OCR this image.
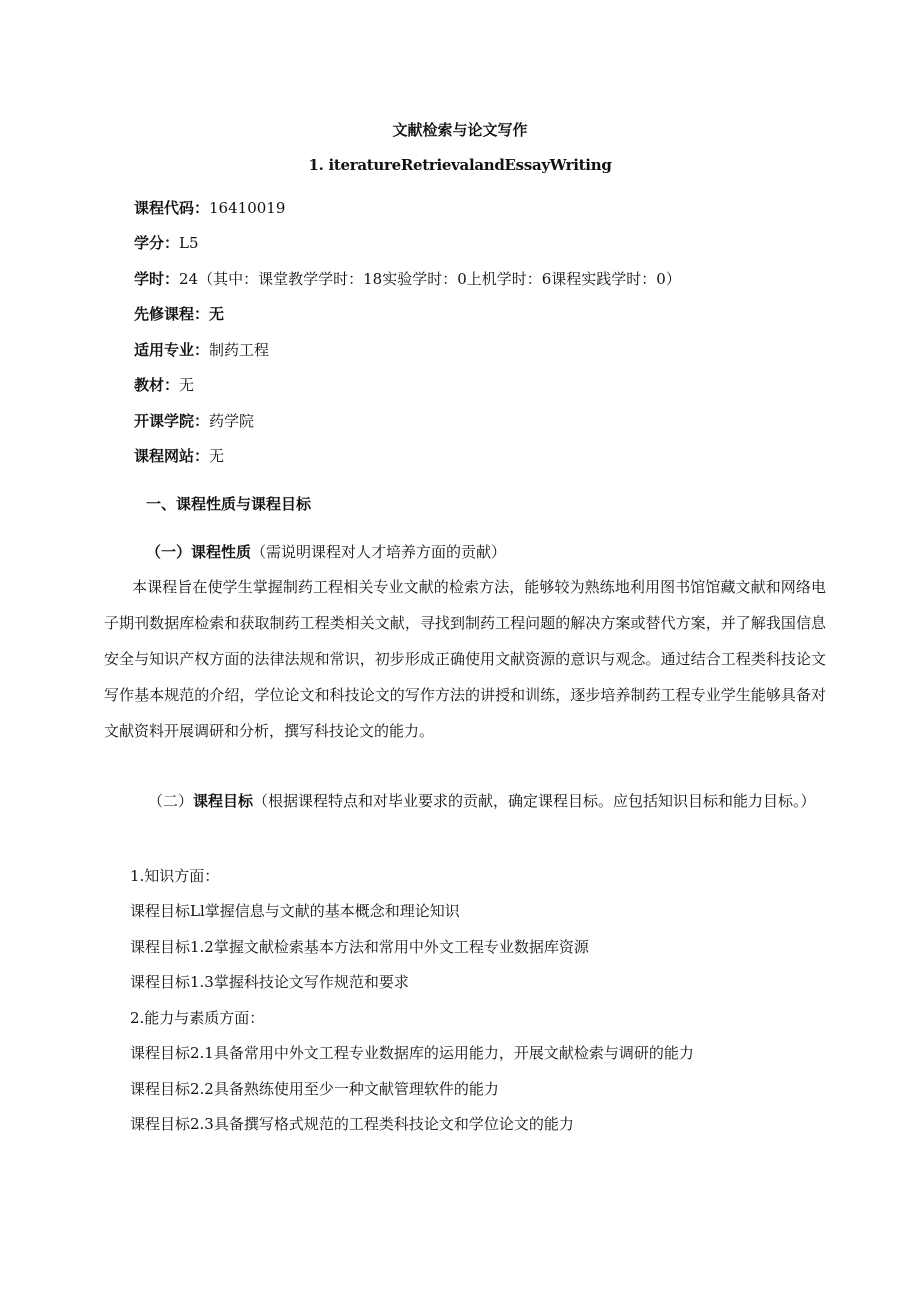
文献检索与论文写作
1. iteratureRetrievalandEssayWriting
课程代码：16410019
学分：L5
学时：24（其中：课堂教学学时：18实验学时：0上机学时：6课程实践学时：0）
先修课程：无
适用专业：制药工程
教材：无
开课学院：药学院
课程网站：无
一、课程性质与课程目标
（一）课程性质（需说明课程对人才培养方面的贡献）

本课程旨在使学生掌握制药工程相关专业文献的检索方法，能够较为熟练地利用图书馆馆藏文献和网络电子期刊数据库检索和获取制药工程类相关文献，寻找到制药工程问题的解决方案或替代方案，并了解我国信息安全与知识产权方面的法律法规和常识，初步形成正确使用文献资源的意识与观念。通过结合工程类科技论文写作基本规范的介绍，学位论文和科技论文的写作方法的讲授和训练，逐步培养制药工程专业学生能够具备对文献资料开展调研和分析，撰写科技论文的能力。

（二）课程目标（根据课程特点和对毕业要求的贡献，确定课程目标。应包括知识目标和能力目标。）

1.知识方面：
课程目标Ll掌握信息与文献的基本概念和理论知识
课程目标1.2掌握文献检索基本方法和常用中外文工程专业数据库资源
课程目标1.3掌握科技论文写作规范和要求
2.能力与素质方面：
课程目标2.1具备常用中外文工程专业数据库的运用能力，开展文献检索与调研的能力
课程目标2.2具备熟练使用至少一种文献管理软件的能力
课程目标2.3具备撰写格式规范的工程类科技论文和学位论文的能力
